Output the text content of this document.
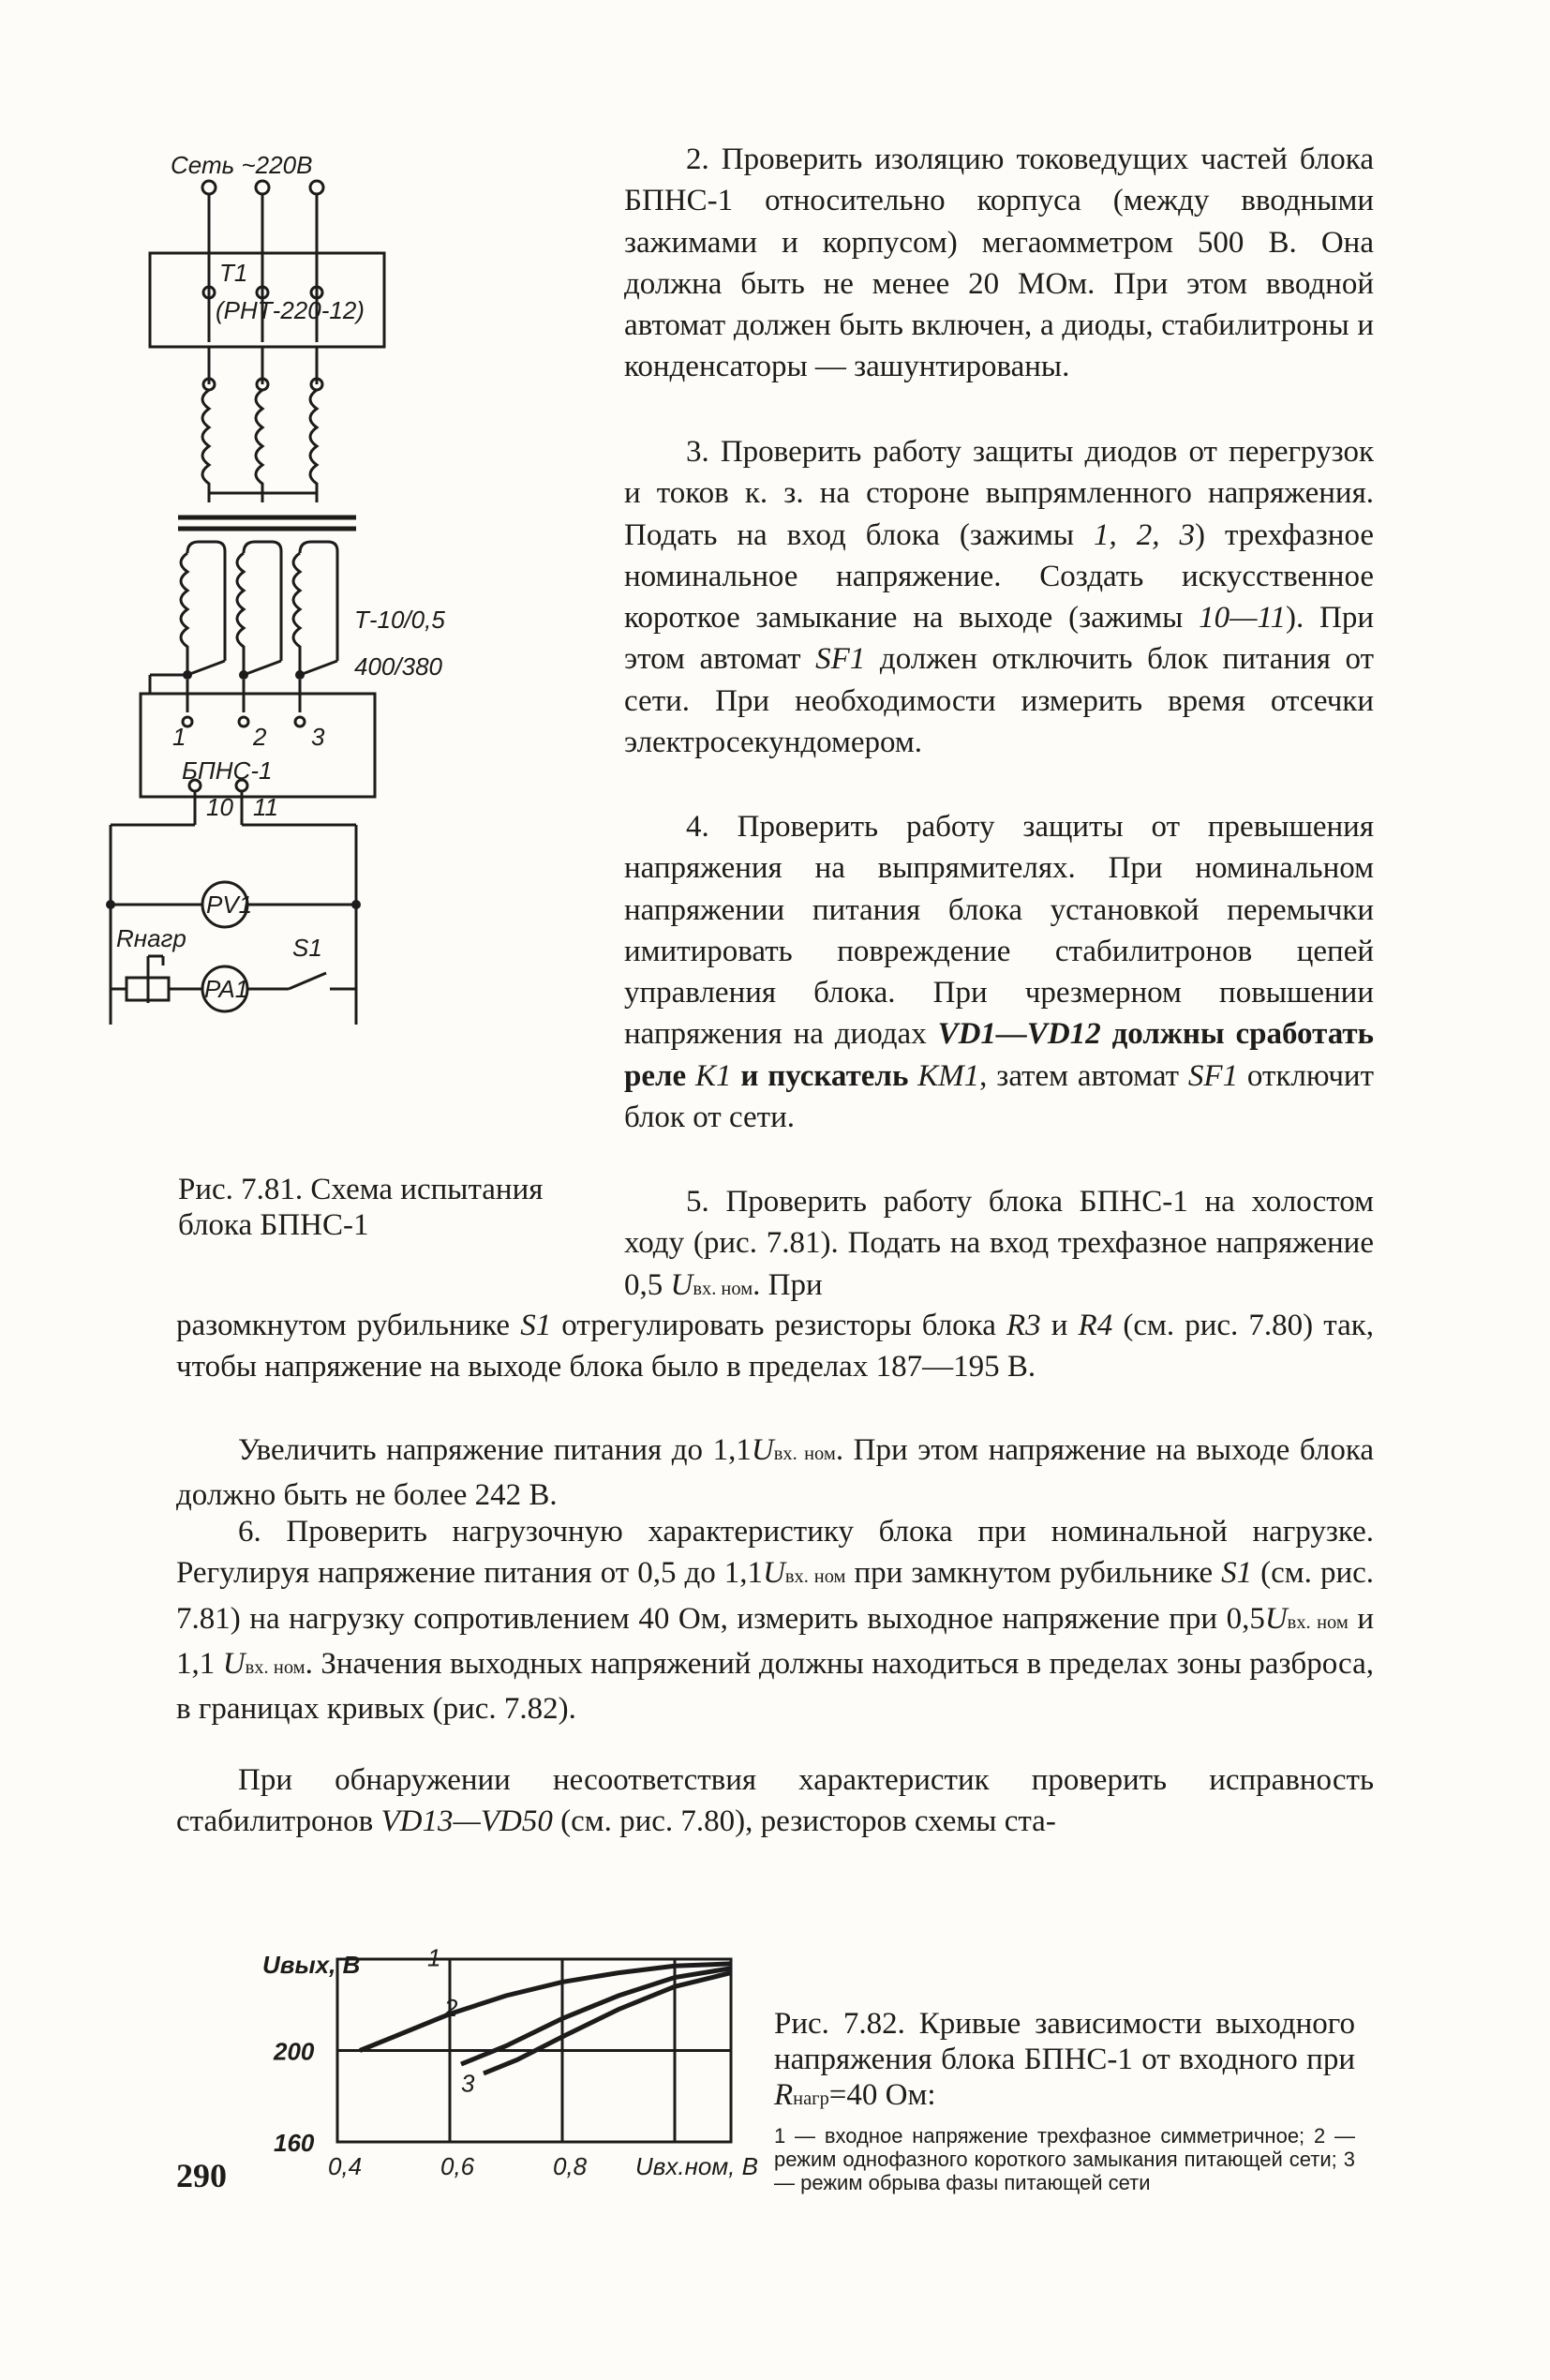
Сеть ~220В
T1
(РНТ-220-12)
Т-10/0,5
1	2 3
БПНС-1
10 11
PV1
PA1
Rнагр	S1
400/380

Рис. 7.81. Схема испытания блока БПНС-1

2. Проверить изоляцию токоведущих частей блока БПНС-1 относительно корпуса (между вводными зажимами и корпусом) мегаомметром 500 В. Она должна быть не менее 20 МОм. При этом вводной автомат должен быть включен, а диоды, стабилитроны и конденсаторы — зашунтированы.

3. Проверить работу защиты диодов от перегрузок и токов к. з. на стороне выпрямленного напряжения. Подать на вход блока (зажимы 1, 2, 3) трехфазное номинальное напряжение. Создать искусственное короткое замыкание на выходе (зажимы 10—11). При этом автомат SF1 должен отключить блок питания от сети. При необходимости измерить время отсечки электросекундомером.

4. Проверить работу защиты от превышения напряжения на выпрямителях. При номинальном напряжении питания блока установкой перемычки имитировать повреждение стабилитронов цепей управления блока. При чрезмерном повышении напряжения на диодах VD1—VD12 должны сработать реле K1 и пускатель КМ1, затем автомат SF1 отключит блок от сети.

5. Проверить работу блока БПНС-1 на холостом ходу (рис. 7.81). Подать на вход трехфазное напряжение 0,5 Uвх. ном. При

разомкнутом рубильнике S1 отрегулировать резисторы блока R3 и R4 (см. рис. 7.80) так, чтобы напряжение на выходе блока было в пределах 187—195 В.

Увеличить напряжение питания до 1,1Uвх. ном. При этом напряжение на выходе блока должно быть не более 242 В.

6. Проверить нагрузочную характеристику блока при номинальной нагрузке. Регулируя напряжение питания от 0,5 до 1,1Uвх. ном при замкнутом рубильнике S1 (см. рис. 7.81) на нагрузку сопротивлением 40 Ом, измерить выходное напряжение при 0,5Uвх. ном и 1,1 Uвх. ном. Значения выходных напряжений должны находиться в пределах зоны разброса, в границах кривых (рис. 7.82).

При обнаружении несоответствия характеристик проверить исправность стабилитронов VD13—VD50 (см. рис. 7.80), резисторов схемы ста-

0,4	0,6	0,8
160
200
Uвых, В
Uвх.ном, В
1
2
3

Рис. 7.82. Кривые зависимости выходного напряжения блока БПНС-1 от входного при Rнагр=40 Ом:

1 — входное напряжение трехфазное симметричное; 2 — режим однофазного короткого замыкания питающей сети; 3 — режим обрыва фазы питающей сети

290
